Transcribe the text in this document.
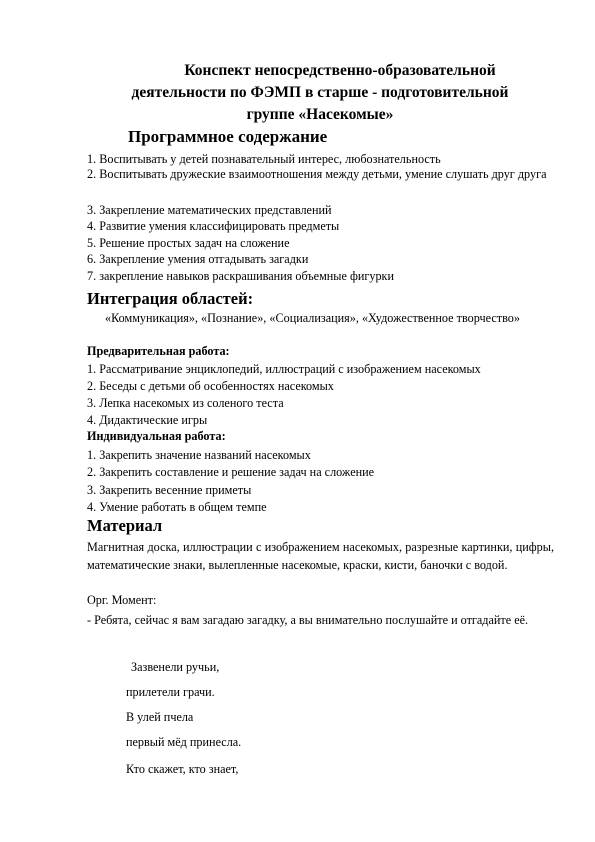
Конспект непосредственно-образовательной
деятельности по ФЭМП в старше - подготовительной
группе «Насекомые»
Программное содержание
1. Воспитывать у детей познавательный интерес, любознательность
2. Воспитывать дружеские взаимоотношения между детьми, умение слушать друг друга
3. Закрепление математических представлений
4. Развитие умения классифицировать предметы
5. Решение простых задач на сложение
6. Закрепление умения отгадывать загадки
7. закрепление навыков раскрашивания объемные фигурки
Интеграция областей:
«Коммуникация», «Познание», «Социализация», «Художественное творчество»
Предварительная работа:
1. Рассматривание энциклопедий, иллюстраций с изображением насекомых
2. Беседы с детьми об особенностях насекомых
3. Лепка насекомых из соленого теста
4. Дидактические игры
Индивидуальная работа:
1. Закрепить значение названий насекомых
2. Закрепить составление и решение задач на сложение
3. Закрепить весенние приметы
4. Умение работать в общем темпе
Материал
Магнитная доска, иллюстрации с изображением насекомых, разрезные картинки, цифры, математические знаки, вылепленные насекомые, краски, кисти, баночки с водой.
Орг. Момент:
- Ребята, сейчас я вам загадаю загадку, а вы внимательно послушайте и отгадайте её.
Зазвенели ручьи,
прилетели грачи.
В улей пчела
первый мёд принесла.
Кто скажет, кто знает,
